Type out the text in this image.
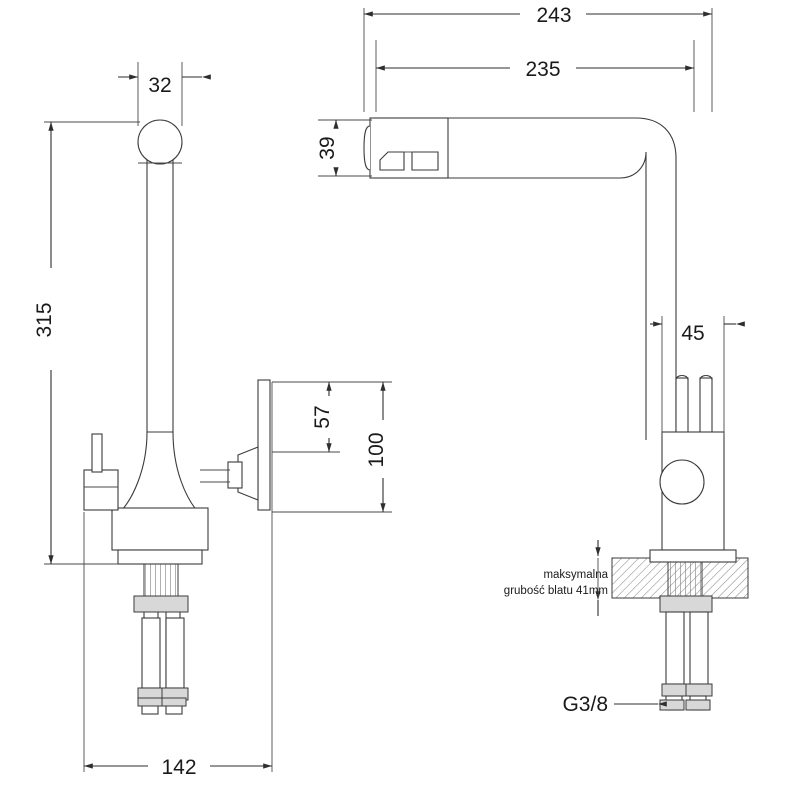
32
315
57
100
142
243
235
39
45
maksymalna
grubość blatu 41mm
G3/8
